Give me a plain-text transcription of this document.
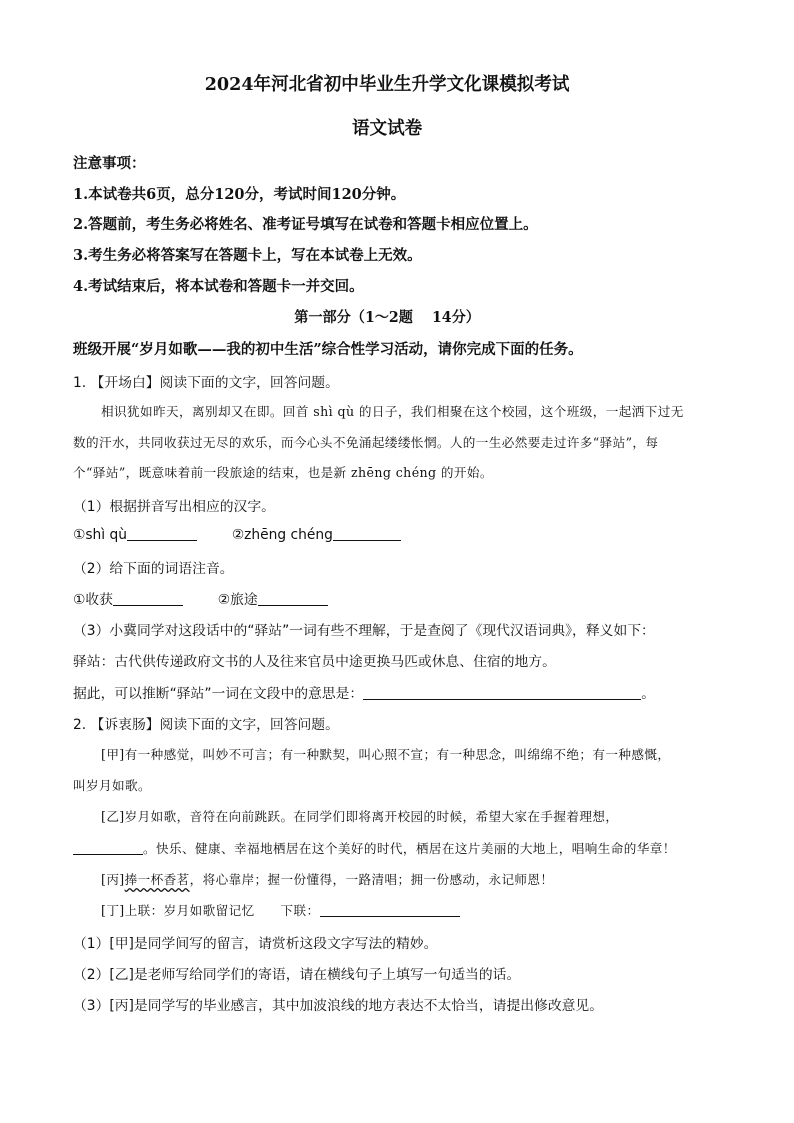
2024年河北省初中毕业生升学文化课模拟考试
语文试卷
注意事项：
1.本试卷共6页，总分120分，考试时间120分钟。
2.答题前，考生务必将姓名、准考证号填写在试卷和答题卡相应位置上。
3.考生务必将答案写在答题卡上，写在本试卷上无效。
4.考试结束后，将本试卷和答题卡一并交回。
第一部分（1～2题　 14分）
班级开展“岁月如歌——我的初中生活”综合性学习活动，请你完成下面的任务。
1. 【开场白】阅读下面的文字，回答问题。
相识犹如昨天，离别却又在即。回首 shì qù 的日子，我们相聚在这个校园，这个班级，一起洒下过无
数的汗水，共同收获过无尽的欢乐，而今心头不免涌起缕缕怅惘。人的一生必然要走过许多“驿站”，每
个“驿站”，既意味着前一段旅途的结束，也是新 zhēng chéng 的开始。
（1）根据拼音写出相应的汉字。
①shì qù	②zhēng chéng
（2）给下面的词语注音。
①收获	②旅途
（3）小冀同学对这段话中的“驿站”一词有些不理解，于是查阅了《现代汉语词典》，释义如下：
驿站：古代供传递政府文书的人及往来官员中途更换马匹或休息、住宿的地方。
据此，可以推断“驿站”一词在文段中的意思是：	。
2. 【诉衷肠】阅读下面的文字，回答问题。
[甲]有一种感觉，叫妙不可言；有一种默契，叫心照不宣；有一种思念，叫绵绵不绝；有一种感慨，
叫岁月如歌。
[乙]岁月如歌，音符在向前跳跃。在同学们即将离开校园的时候，希望大家在手握着理想，
。快乐、健康、幸福地栖居在这个美好的时代，栖居在这片美丽的大地上，唱响生命的华章！
[丙]捧一杯香茗，将心靠岸；握一份懂得，一路清唱；拥一份感动，永记师恩！
[丁]上联：岁月如歌留记忆　　下联：
（1）[甲]是同学间写的留言，请赏析这段文字写法的精妙。
（2）[乙]是老师写给同学们的寄语，请在横线句子上填写一句适当的话。
（3）[丙]是同学写的毕业感言，其中加波浪线的地方表达不太恰当，请提出修改意见。
